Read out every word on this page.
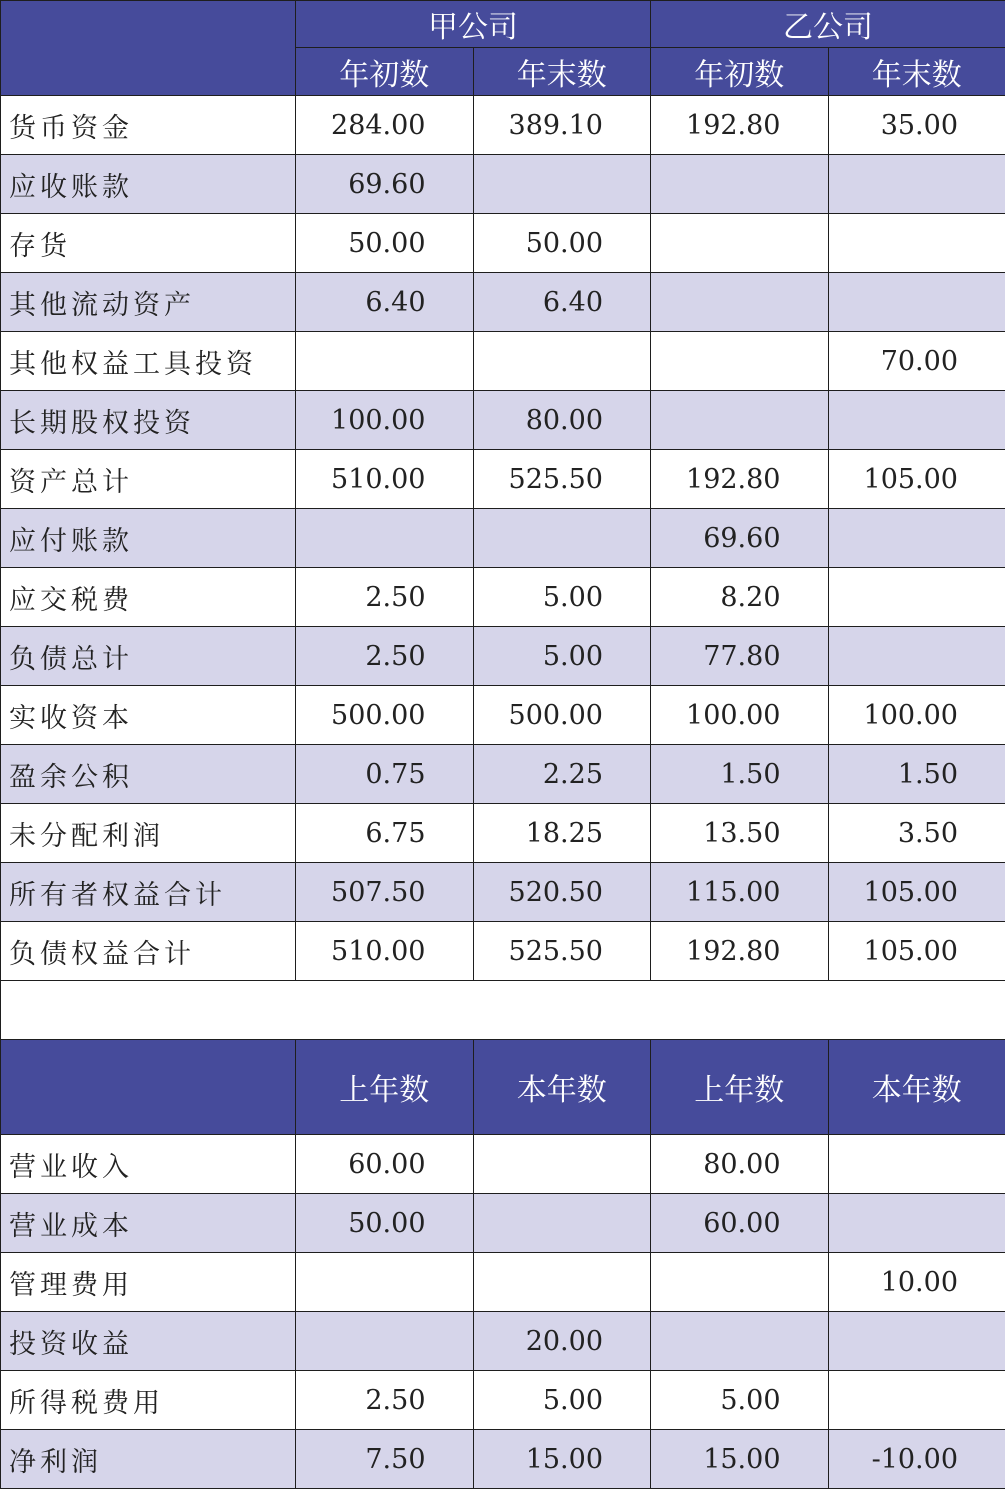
	甲公司		乙公司	
	年初数	年末数	年初数	年末数
货币资金	284.00	389.10	192.80	35.00
应收账款	69.60			
存货	50.00	50.00		
其他流动资产	6.40	6.40		
其他权益工具投资				70.00
长期股权投资	100.00	80.00		
资产总计	510.00	525.50	192.80	105.00
应付账款			69.60	
应交税费	2.50	5.00	8.20	
负债总计	2.50	5.00	77.80	
实收资本	500.00	500.00	100.00	100.00
盈余公积	0.75	2.25	1.50	1.50
未分配利润	6.75	18.25	13.50	3.50
所有者权益合计	507.50	520.50	115.00	105.00
负债权益合计	510.00	525.50	192.80	105.00

	上年数	本年数	上年数	本年数
营业收入	60.00		80.00	
营业成本	50.00		60.00	
管理费用				10.00
投资收益		20.00		
所得税费用	2.50	5.00	5.00	
净利润	7.50	15.00	15.00	-10.00
